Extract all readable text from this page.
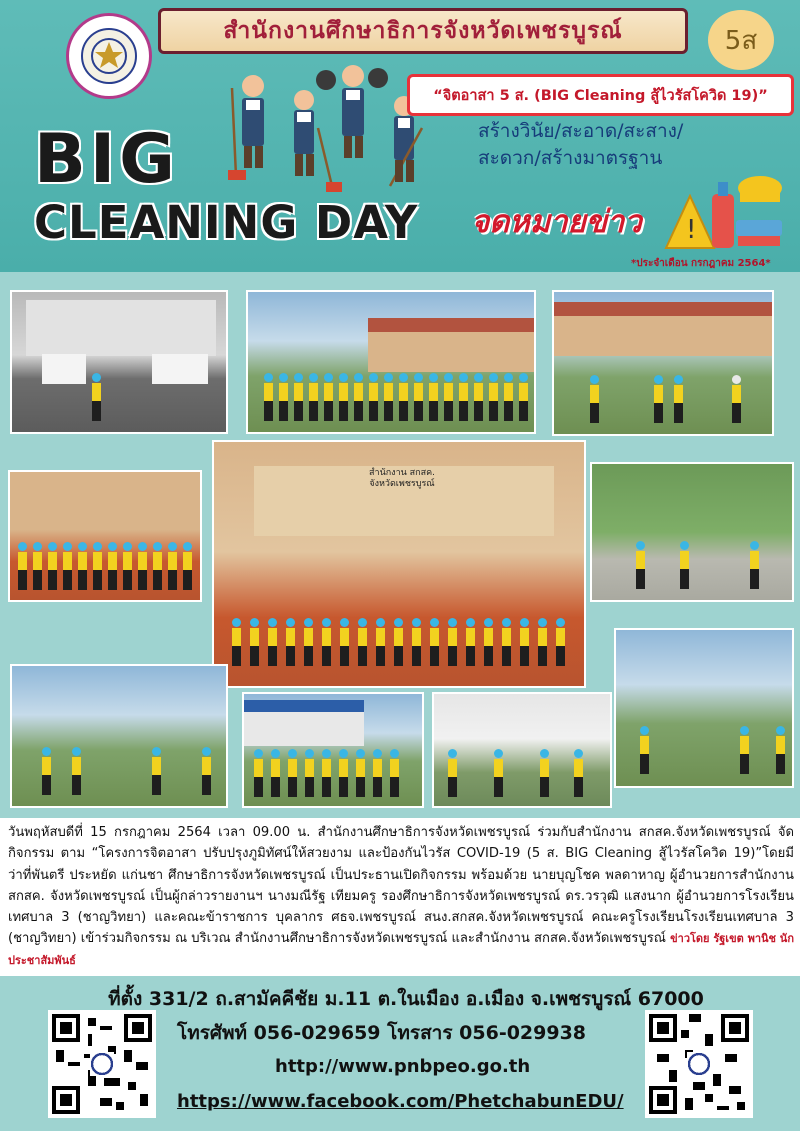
สำนักงานศึกษาธิการจังหวัดเพชรบูรณ์	5ส
“จิตอาสา 5 ส. (BIG Cleaning สู้ไวรัสโควิด 19)”
สร้างวินัย/สะอาด/สะสาง/
สะดวก/สร้างมาตรฐาน
BIG
CLEANING DAY จดหมายข่าว !
*ประจำเดือน กรกฎาคม 2564*
สำนักงาน สกสค.
จังหวัดเพชรบูรณ์
วันพฤหัสบดีที่ 15 กรกฎาคม 2564 เวลา 09.00 น. สำนักงานศึกษาธิการจังหวัดเพชรบูรณ์ ร่วมกับสำนักงาน สกสค.จังหวัดเพชรบูรณ์ จัดกิจกรรม ตาม “โครงการจิตอาสา ปรับปรุงภูมิทัศน์ให้สวยงาม และป้องกันไวรัส COVID-19 (5 ส. BIG Cleaning สู้ไวรัสโควิด 19)”โดยมี ว่าที่พันตรี ประหยัด แก่นชา ศึกษาธิการจังหวัดเพชรบูรณ์ เป็นประธานเปิดกิจกรรม พร้อมด้วย นายบุญโชค พลดาหาญ ผู้อำนวยการสำนักงาน สกสค. จังหวัดเพชรบูรณ์ เป็นผู้กล่าวรายงานฯ นางมณีรัฐ เทียมครู รองศึกษาธิการจังหวัดเพชรบูรณ์ ดร.วรวุฒิ แสงนาก ผู้อำนวยการโรงเรียนเทศบาล 3 (ชาญวิทยา) และคณะข้าราชการ บุคลากร ศธจ.เพชรบูรณ์ สนง.สกสค.จังหวัดเพชรบูรณ์ คณะครูโรงเรียนโรงเรียนเทศบาล 3 (ชาญวิทยา) เข้าร่วมกิจกรรม ณ บริเวณ สำนักงานศึกษาธิการจังหวัดเพชรบูรณ์ และสำนักงาน สกสค.จังหวัดเพชรบูรณ์ ข่าวโดย รัฐเขต พานิช นักประชาสัมพันธ์
ที่ตั้ง 331/2 ถ.สามัคคีชัย ม.11 ต.ในเมือง อ.เมือง จ.เพชรบูรณ์ 67000
โทรศัพท์ 056-029659 โทรสาร 056-029938
http://www.pnbpeo.go.th
https://www.facebook.com/PhetchabunEDU/
